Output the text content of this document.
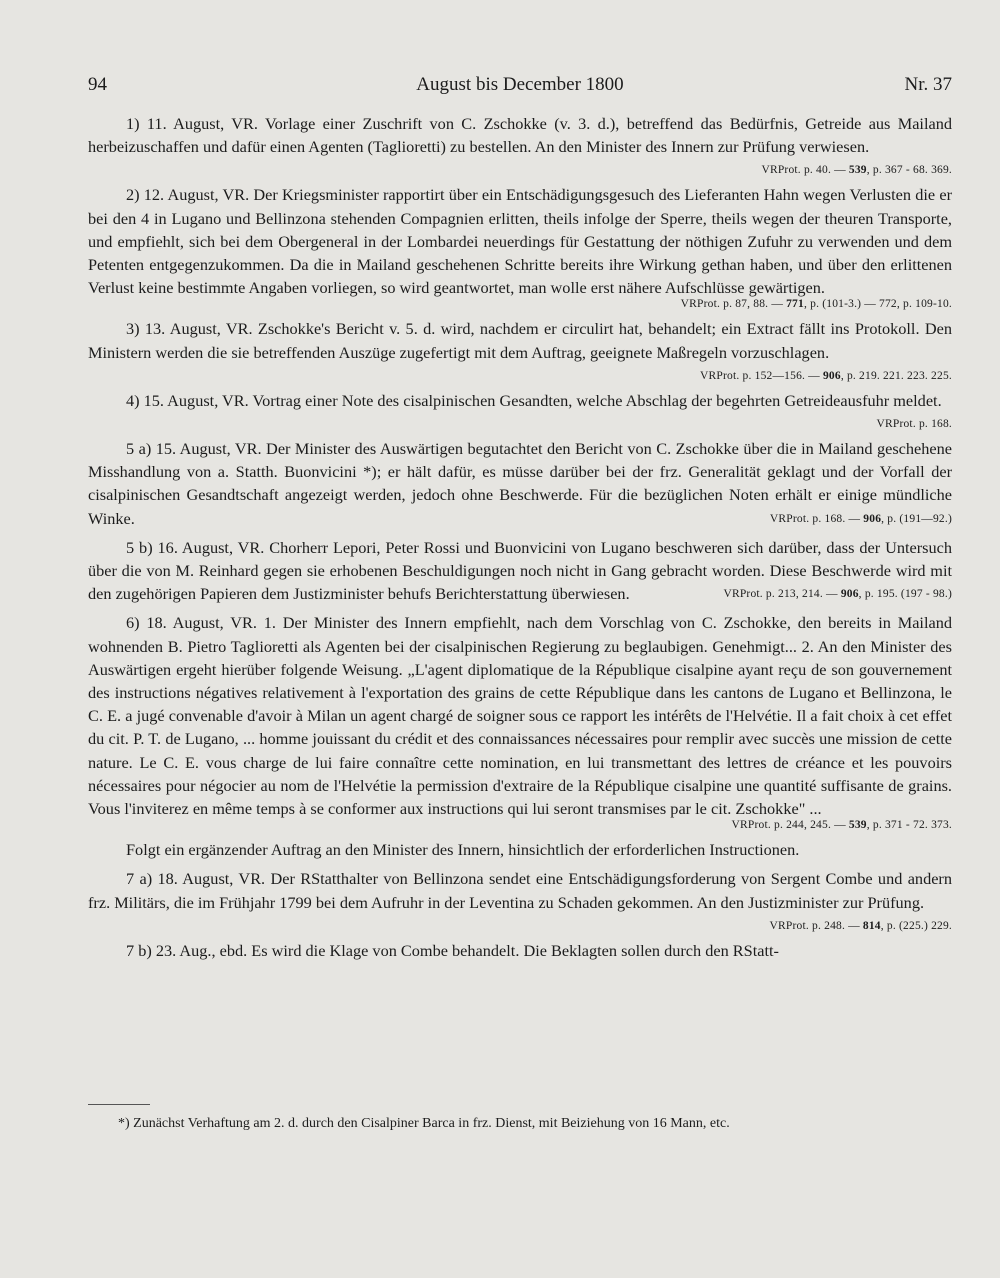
94	August bis December 1800	Nr. 37
1) 11. August, VR. Vorlage einer Zuschrift von C. Zschokke (v. 3. d.), betreffend das Bedürfnis, Getreide aus Mailand herbeizuschaffen und dafür einen Agenten (Taglioretti) zu bestellen. An den Minister des Innern zur Prüfung verwiesen.
VRProt. p. 40. — 539, p. 367 - 68. 369.
2) 12. August, VR. Der Kriegsminister rapportirt über ein Entschädigungsgesuch des Lieferanten Hahn wegen Verlusten die er bei den 4 in Lugano und Bellinzona stehenden Compagnien erlitten, theils infolge der Sperre, theils wegen der theuren Transporte, und empfiehlt, sich bei dem Obergeneral in der Lombardei neuerdings für Gestattung der nöthigen Zufuhr zu verwenden und dem Petenten entgegenzukommen. Da die in Mailand geschehenen Schritte bereits ihre Wirkung gethan haben, und über den erlittenen Verlust keine bestimmte Angaben vorliegen, so wird geantwortet, man wolle erst nähere Aufschlüsse gewärtigen.
VRProt. p. 87, 88. — 771, p. (101-3.) — 772, p. 109-10.
3) 13. August, VR. Zschokke's Bericht v. 5. d. wird, nachdem er circulirt hat, behandelt; ein Extract fällt ins Protokoll. Den Ministern werden die sie betreffenden Auszüge zugefertigt mit dem Auftrag, geeignete Maßregeln vorzuschlagen.
VRProt. p. 152—156. — 906, p. 219. 221. 223. 225.
4) 15. August, VR. Vortrag einer Note des cisalpinischen Gesandten, welche Abschlag der begehrten Getreideausfuhr meldet.
VRProt. p. 168.
5 a) 15. August, VR. Der Minister des Auswärtigen begutachtet den Bericht von C. Zschokke über die in Mailand geschehene Misshandlung von a. Statth. Buonvicini *); er hält dafür, es müsse darüber bei der frz. Generalität geklagt und der Vorfall der cisalpinischen Gesandtschaft angezeigt werden, jedoch ohne Beschwerde. Für die bezüglichen Noten erhält er einige mündliche Winke.	VRProt. p. 168. — 906, p. (191—92.)
5 b) 16. August, VR. Chorherr Lepori, Peter Rossi und Buonvicini von Lugano beschweren sich darüber, dass der Untersuch über die von M. Reinhard gegen sie erhobenen Beschuldigungen noch nicht in Gang gebracht worden. Diese Beschwerde wird mit den zugehörigen Papieren dem Justizminister behufs Berichterstattung überwiesen.	VRProt. p. 213, 214. — 906, p. 195. (197 - 98.)
6) 18. August, VR. 1. Der Minister des Innern empfiehlt, nach dem Vorschlag von C. Zschokke, den bereits in Mailand wohnenden B. Pietro Taglioretti als Agenten bei der cisalpinischen Regierung zu beglaubigen. Genehmigt... 2. An den Minister des Auswärtigen ergeht hierüber folgende Weisung. „L'agent diplomatique de la République cisalpine ayant reçu de son gouvernement des instructions négatives relativement à l'exportation des grains de cette République dans les cantons de Lugano et Bellinzona, le C. E. a jugé convenable d'avoir à Milan un agent chargé de soigner sous ce rapport les intérêts de l'Helvétie. Il a fait choix à cet effet du cit. P. T. de Lugano, ... homme jouissant du crédit et des connaissances nécessaires pour remplir avec succès une mission de cette nature. Le C. E. vous charge de lui faire connaître cette nomination, en lui transmettant des lettres de créance et les pouvoirs nécessaires pour négocier au nom de l'Helvétie la permission d'extraire de la République cisalpine une quantité suffisante de grains. Vous l'inviterez en même temps à se conformer aux instructions qui lui seront transmises par le cit. Zschokke" ...
VRProt. p. 244, 245. — 539, p. 371 - 72. 373.
Folgt ein ergänzender Auftrag an den Minister des Innern, hinsichtlich der erforderlichen Instructionen.
7 a) 18. August, VR. Der RStatthalter von Bellinzona sendet eine Entschädigungsforderung von Sergent Combe und andern frz. Militärs, die im Frühjahr 1799 bei dem Aufruhr in der Leventina zu Schaden gekommen. An den Justizminister zur Prüfung.
VRProt. p. 248. — 814, p. (225.) 229.
7 b) 23. Aug., ebd. Es wird die Klage von Combe behandelt. Die Beklagten sollen durch den RStatt-
*) Zunächst Verhaftung am 2. d. durch den Cisalpiner Barca in frz. Dienst, mit Beiziehung von 16 Mann, etc.
